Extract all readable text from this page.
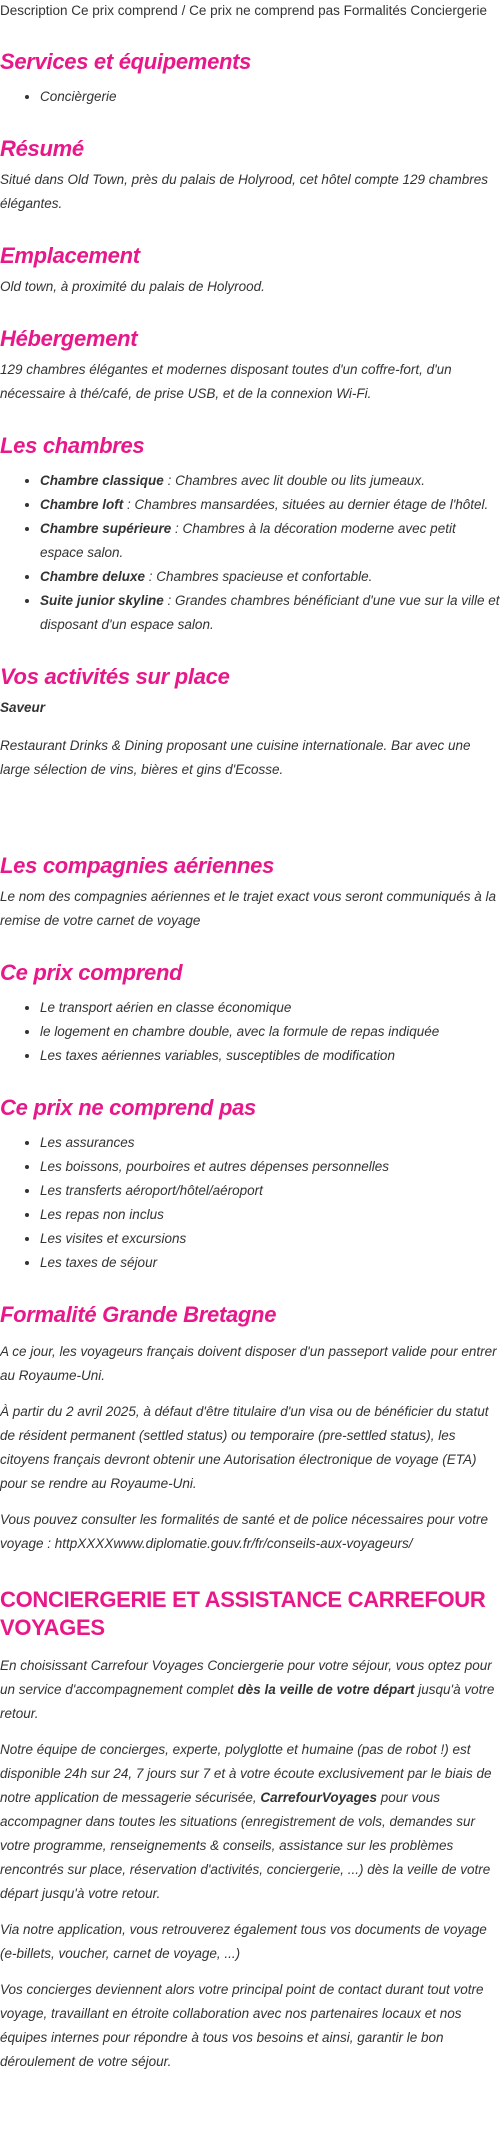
Description Ce prix comprend / Ce prix ne comprend pas Formalités Conciergerie
Services et équipements
• Concièrgerie
Résumé

Situé dans Old Town, près du palais de Holyrood, cet hôtel compte 129 chambres élégantes.

Emplacement

Old town, à proximité du palais de Holyrood.

Hébergement

129 chambres élégantes et modernes disposant toutes d'un coffre-fort, d'un nécessaire à thé/café, de prise USB, et de la connexion Wi-Fi.

Les chambres
• Chambre classique : Chambres avec lit double ou lits jumeaux.
• Chambre loft : Chambres mansardées, situées au dernier étage de l'hôtel.
• Chambre supérieure : Chambres à la décoration moderne avec petit espace salon.
• Chambre deluxe : Chambres spacieuse et confortable.
• Suite junior skyline : Grandes chambres bénéficiant d'une vue sur la ville et disposant d'un espace salon.
Vos activités sur place

Saveur

Restaurant Drinks & Dining proposant une cuisine internationale. Bar avec une large sélection de vins, bières et gins d'Ecosse.

Les compagnies aériennes

Le nom des compagnies aériennes et le trajet exact vous seront communiqués à la remise de votre carnet de voyage

Ce prix comprend
• Le transport aérien en classe économique
• le logement en chambre double, avec la formule de repas indiquée
• Les taxes aériennes variables, susceptibles de modification
Ce prix ne comprend pas
• Les assurances
• Les boissons, pourboires et autres dépenses personnelles
• Les transferts aéroport/hôtel/aéroport
• Les repas non inclus
• Les visites et excursions
• Les taxes de séjour
Formalité Grande Bretagne

A ce jour, les voyageurs français doivent disposer d'un passeport valide pour entrer au Royaume-Uni.

À partir du 2 avril 2025, à défaut d'être titulaire d'un visa ou de bénéficier du statut de résident permanent (settled status) ou temporaire (pre-settled status), les citoyens français devront obtenir une Autorisation électronique de voyage (ETA) pour se rendre au Royaume-Uni.

Vous pouvez consulter les formalités de santé et de police nécessaires pour votre voyage : httpXXXXwww.diplomatie.gouv.fr/fr/conseils-aux-voyageurs/

CONCIERGERIE ET ASSISTANCE CARREFOUR VOYAGES

En choisissant Carrefour Voyages Conciergerie pour votre séjour, vous optez pour un service d'accompagnement complet dès la veille de votre départ jusqu'à votre retour.

Notre équipe de concierges, experte, polyglotte et humaine (pas de robot !) est disponible 24h sur 24, 7 jours sur 7 et à votre écoute exclusivement par le biais de notre application de messagerie sécurisée, CarrefourVoyages pour vous accompagner dans toutes les situations (enregistrement de vols, demandes sur votre programme, renseignements & conseils, assistance sur les problèmes rencontrés sur place, réservation d'activités, conciergerie, ...) dès la veille de votre départ jusqu'à votre retour.

Via notre application, vous retrouverez également tous vos documents de voyage (e-billets, voucher, carnet de voyage, ...)

Vos concierges deviennent alors votre principal point de contact durant tout votre voyage, travaillant en étroite collaboration avec nos partenaires locaux et nos équipes internes pour répondre à tous vos besoins et ainsi, garantir le bon déroulement de votre séjour.
